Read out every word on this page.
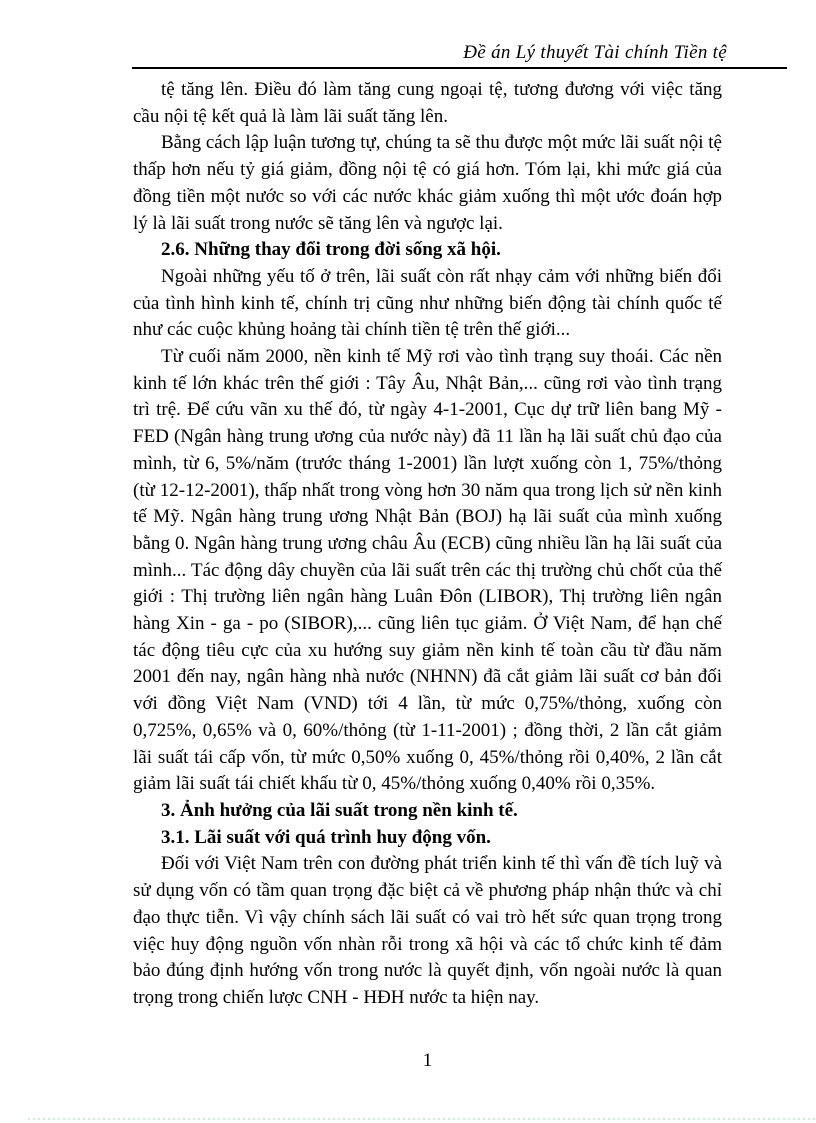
Đề án Lý thuyết Tài chính Tiền tệ

tệ tăng lên. Điều đó làm tăng cung ngoại tệ, tương đương với việc tăng cầu nội tệ kết quả là làm lãi suất tăng lên.

Bằng cách lập luận tương tự, chúng ta sẽ thu được một mức lãi suất nội tệ thấp hơn nếu tỷ giá giảm, đồng nội tệ có giá hơn. Tóm lại, khi mức giá của đồng tiền một nước so với các nước khác giảm xuống thì một ước đoán hợp lý là lãi suất trong nước sẽ tăng lên và ngược lại.

2.6. Những thay đổi trong đời sống xã hội.

Ngoài những yếu tố ở trên, lãi suất còn rất nhạy cảm với những biến đổi của tình hình kinh tế, chính trị cũng như những biến động tài chính quốc tế như các cuộc khủng hoảng tài chính tiền tệ trên thế giới...

Từ cuối năm 2000, nền kinh tế Mỹ rơi vào tình trạng suy thoái. Các nền kinh tế lớn khác trên thế giới : Tây Âu, Nhật Bản,... cũng rơi vào tình trạng trì trệ. Để cứu vãn xu thế đó, từ ngày 4-1-2001, Cục dự trữ liên bang Mỹ - FED (Ngân hàng trung ương của nước này) đã 11 lần hạ lãi suất chủ đạo của mình, từ 6, 5%/năm (trước tháng 1-2001) lần lượt xuống còn 1, 75%/thỏng (từ 12-12-2001), thấp nhất trong vòng hơn 30 năm qua trong lịch sử nền kinh tế Mỹ. Ngân hàng trung ương Nhật Bản (BOJ) hạ lãi suất của mình xuống bằng 0. Ngân hàng trung ương châu Âu (ECB) cũng nhiều lần hạ lãi suất của mình... Tác động dây chuyền của lãi suất trên các thị trường chủ chốt của thế giới : Thị trường liên ngân hàng Luân Đôn (LIBOR), Thị trường liên ngân hàng Xin - ga - po (SIBOR),... cũng liên tục giảm. Ở Việt Nam, để hạn chế tác động tiêu cực của xu hướng suy giảm nền kinh tế toàn cầu từ đầu năm 2001 đến nay, ngân hàng nhà nước (NHNN) đã cắt giảm lãi suất cơ bản đối với đồng Việt Nam (VND) tới 4 lần, từ mức 0,75%/thỏng, xuống còn 0,725%, 0,65% và 0, 60%/thỏng (từ 1-11-2001) ; đồng thời, 2 lần cắt giảm lãi suất tái cấp vốn, từ mức 0,50% xuống 0, 45%/thỏng rồi 0,40%, 2 lần cắt giảm lãi suất tái chiết khấu từ 0, 45%/thỏng xuống 0,40% rồi 0,35%.

3. Ảnh hưởng của lãi suất trong nền kinh tế.

3.1. Lãi suất với quá trình huy động vốn.

Đối với Việt Nam trên con đường phát triển kinh tế thì vấn đề tích luỹ và sử dụng vốn có tầm quan trọng đặc biệt cả về phương pháp nhận thức và chỉ đạo thực tiễn. Vì vậy chính sách lãi suất có vai trò hết sức quan trọng trong việc huy động nguồn vốn nhàn rỗi trong xã hội và các tổ chức kinh tế đảm bảo đúng định hướng vốn trong nước là quyết định, vốn ngoài nước là quan trọng trong chiến lược CNH - HĐH nước ta hiện nay.

1
